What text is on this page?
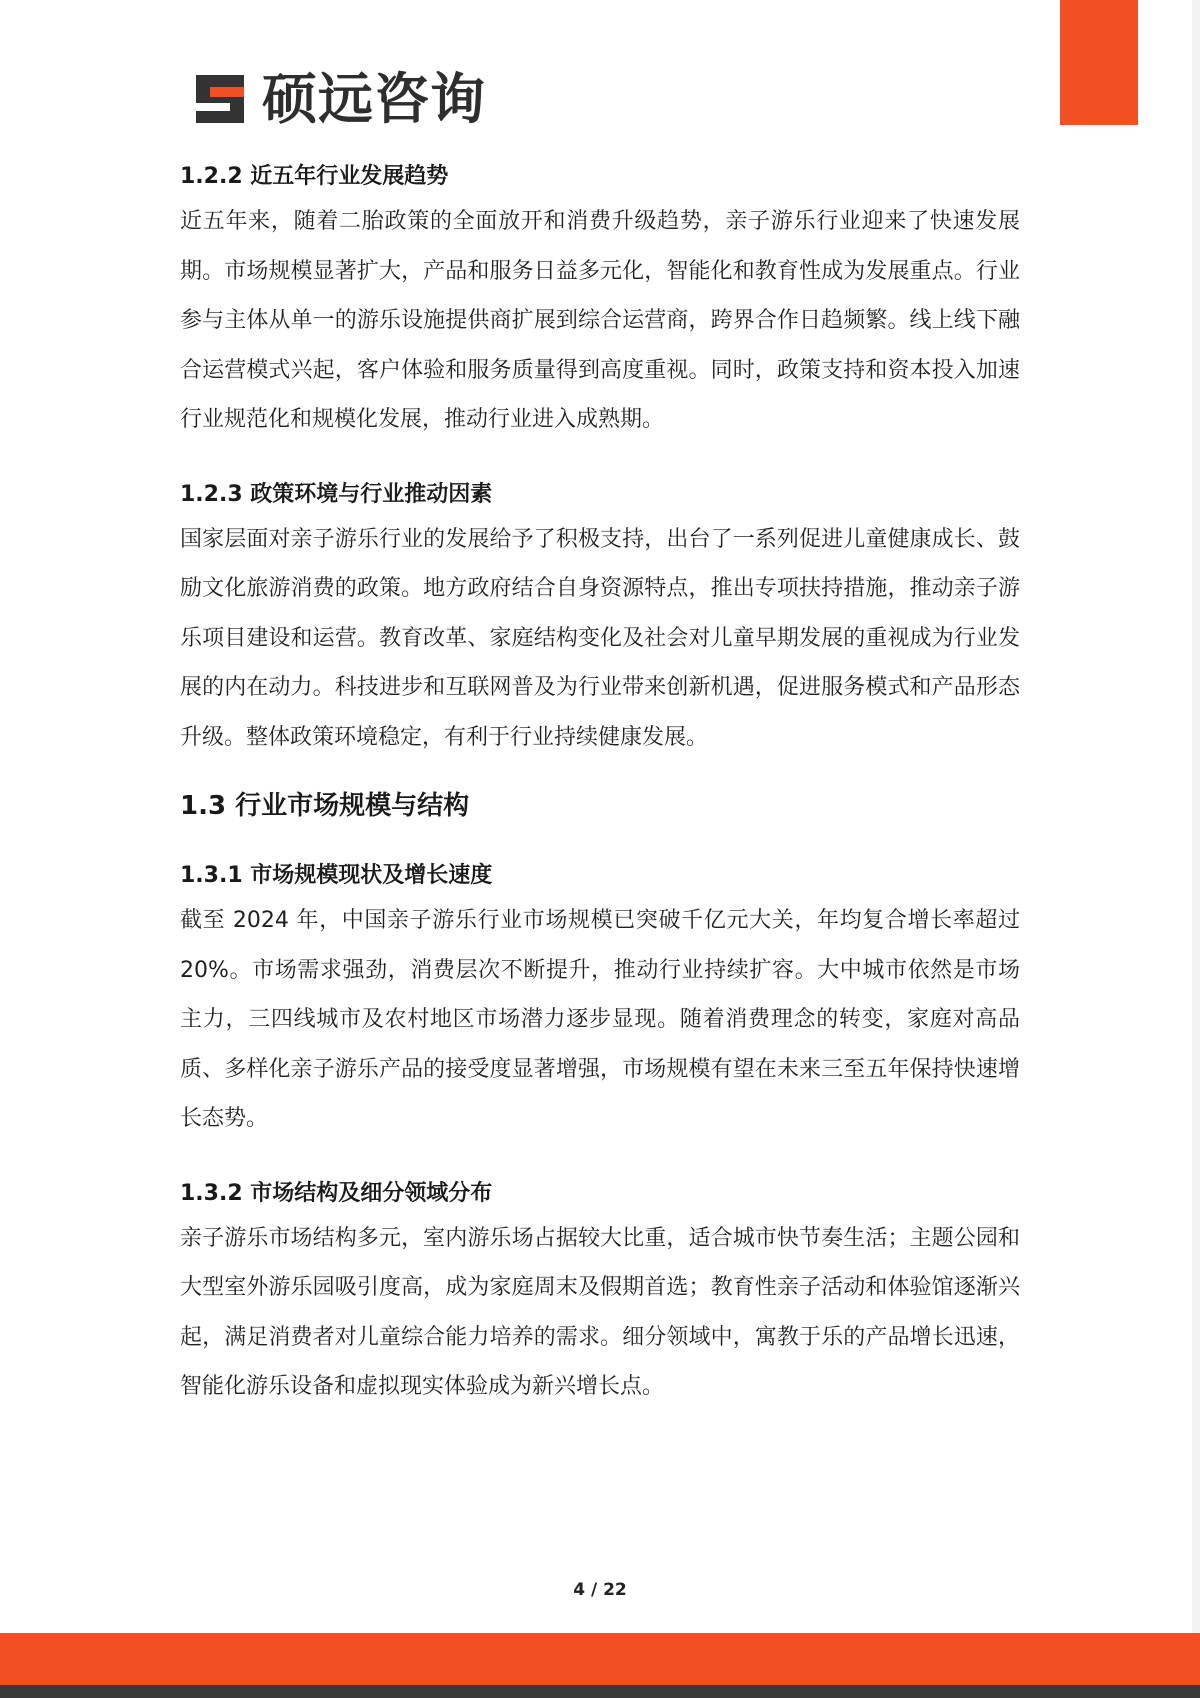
硕远咨询
1.2.2 近五年行业发展趋势

近五年来，随着二胎政策的全面放开和消费升级趋势，亲子游乐行业迎来了快速发展期。市场规模显著扩大，产品和服务日益多元化，智能化和教育性成为发展重点。行业参与主体从单一的游乐设施提供商扩展到综合运营商，跨界合作日趋频繁。线上线下融合运营模式兴起，客户体验和服务质量得到高度重视。同时，政策支持和资本投入加速行业规范化和规模化发展，推动行业进入成熟期。

1.2.3 政策环境与行业推动因素

国家层面对亲子游乐行业的发展给予了积极支持，出台了一系列促进儿童健康成长、鼓励文化旅游消费的政策。地方政府结合自身资源特点，推出专项扶持措施，推动亲子游乐项目建设和运营。教育改革、家庭结构变化及社会对儿童早期发展的重视成为行业发展的内在动力。科技进步和互联网普及为行业带来创新机遇，促进服务模式和产品形态升级。整体政策环境稳定，有利于行业持续健康发展。

1.3 行业市场规模与结构
1.3.1 市场规模现状及增长速度

截至 2024 年，中国亲子游乐行业市场规模已突破千亿元大关，年均复合增长率超过 20%。市场需求强劲，消费层次不断提升，推动行业持续扩容。大中城市依然是市场主力，三四线城市及农村地区市场潜力逐步显现。随着消费理念的转变，家庭对高品质、多样化亲子游乐产品的接受度显著增强，市场规模有望在未来三至五年保持快速增长态势。

1.3.2 市场结构及细分领域分布

亲子游乐市场结构多元，室内游乐场占据较大比重，适合城市快节奏生活；主题公园和大型室外游乐园吸引度高，成为家庭周末及假期首选；教育性亲子活动和体验馆逐渐兴起，满足消费者对儿童综合能力培养的需求。细分领域中，寓教于乐的产品增长迅速，智能化游乐设备和虚拟现实体验成为新兴增长点。

4 / 22
